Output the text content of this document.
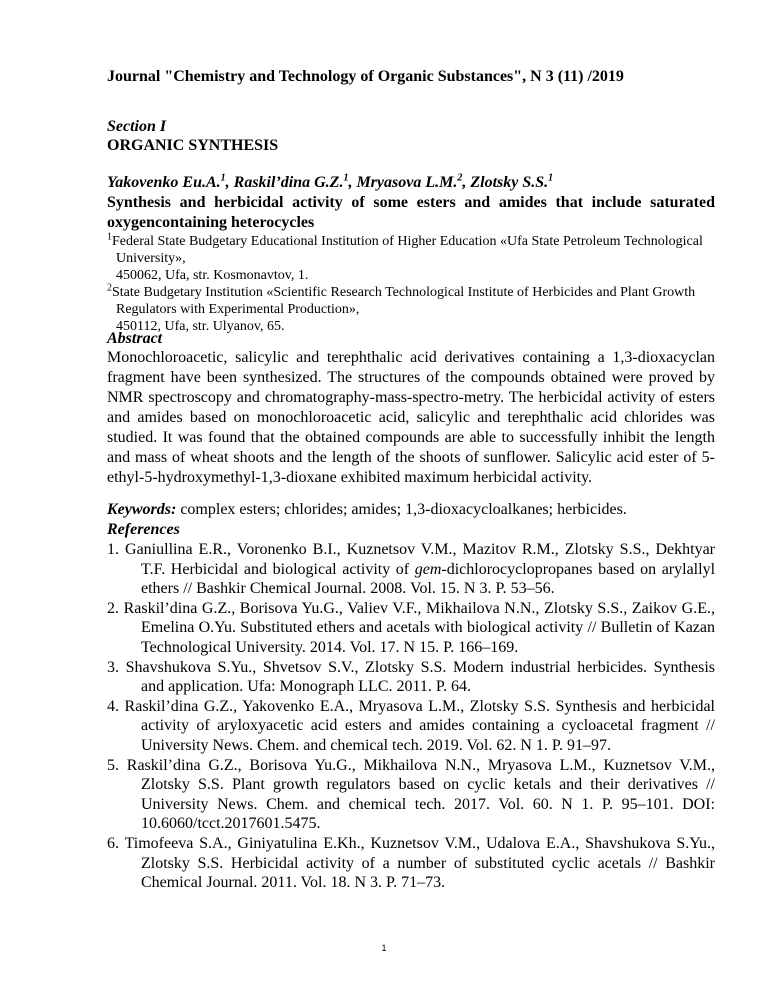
Journal "Chemistry and Technology of Organic Substances", N 3 (11) /2019
Section I
ORGANIC SYNTHESIS
Yakovenko Eu.A.$^1$, Raskil’dina G.Z.$^1$, Mryasova L.M.$^2$, Zlotsky S.S.$^1$
Synthesis and herbicidal activity of some esters and amides that include saturated oxygencontaining heterocycles
$^1$Federal State Budgetary Educational Institution of Higher Education «Ufa State Petroleum Technological University»,
450062, Ufa, str. Kosmonavtov, 1.
$^2$State Budgetary Institution «Scientific Research Technological Institute of Herbicides and Plant Growth Regulators with Experimental Production»,
450112, Ufa, str. Ulyanov, 65.
Abstract
Monochloroacetic, salicylic and terephthalic acid derivatives containing a 1,3-dioxacyclan fragment have been synthesized. The structures of the compounds obtained were proved by NMR spectroscopy and chromatography-mass-spectro-metry. The herbicidal activity of esters and amides based on monochloroacetic acid, salicylic and terephthalic acid chlorides was studied. It was found that the obtained compounds are able to successfully inhibit the length and mass of wheat shoots and the length of the shoots of sunflower. Salicylic acid ester of 5-ethyl-5-hydroxymethyl-1,3-dioxane exhibited maximum herbicidal activity.
Keywords: complex esters; chlorides; amides; 1,3-dioxacycloalkanes; herbicides.
References
1. Ganiullina E.R., Voronenko B.I., Kuznetsov V.M., Mazitov R.M., Zlotsky S.S., Dekhtyar T.F. Herbicidal and biological activity of gem-dichlorocyclopropanes based on arylallyl ethers // Bashkir Chemical Journal. 2008. Vol. 15. N 3. P. 53–56.
2. Raskil’dina G.Z., Borisova Yu.G., Valiev V.F., Mikhailova N.N., Zlotsky S.S., Zaikov G.E., Emelina O.Yu. Substituted ethers and acetals with biological activity // Bulletin of Kazan Technological University. 2014. Vol. 17. N 15. P. 166–169.
3. Shavshukova S.Yu., Shvetsov S.V., Zlotsky S.S. Modern industrial herbicides. Synthesis and application. Ufa: Monograph LLC. 2011. P. 64.
4. Raskil’dina G.Z., Yakovenko E.A., Mryasova L.M., Zlotsky S.S. Synthesis and herbicidal activity of aryloxyacetic acid esters and amides containing a cycloacetal fragment // University News. Chem. and chemical tech. 2019. Vol. 62. N 1. P. 91–97.
5. Raskil’dina G.Z., Borisova Yu.G., Mikhailova N.N., Mryasova L.M., Kuznetsov V.M., Zlotsky S.S. Plant growth regulators based on cyclic ketals and their derivatives // University News. Chem. and chemical tech. 2017. Vol. 60. N 1. P. 95–101. DOI: 10.6060/tcct.2017601.5475.
6. Timofeeva S.A., Giniyatulina E.Kh., Kuznetsov V.M., Udalova E.A., Shavshukova S.Yu., Zlotsky S.S. Herbicidal activity of a number of substituted cyclic acetals // Bashkir Chemical Journal. 2011. Vol. 18. N 3. P. 71–73.
1
